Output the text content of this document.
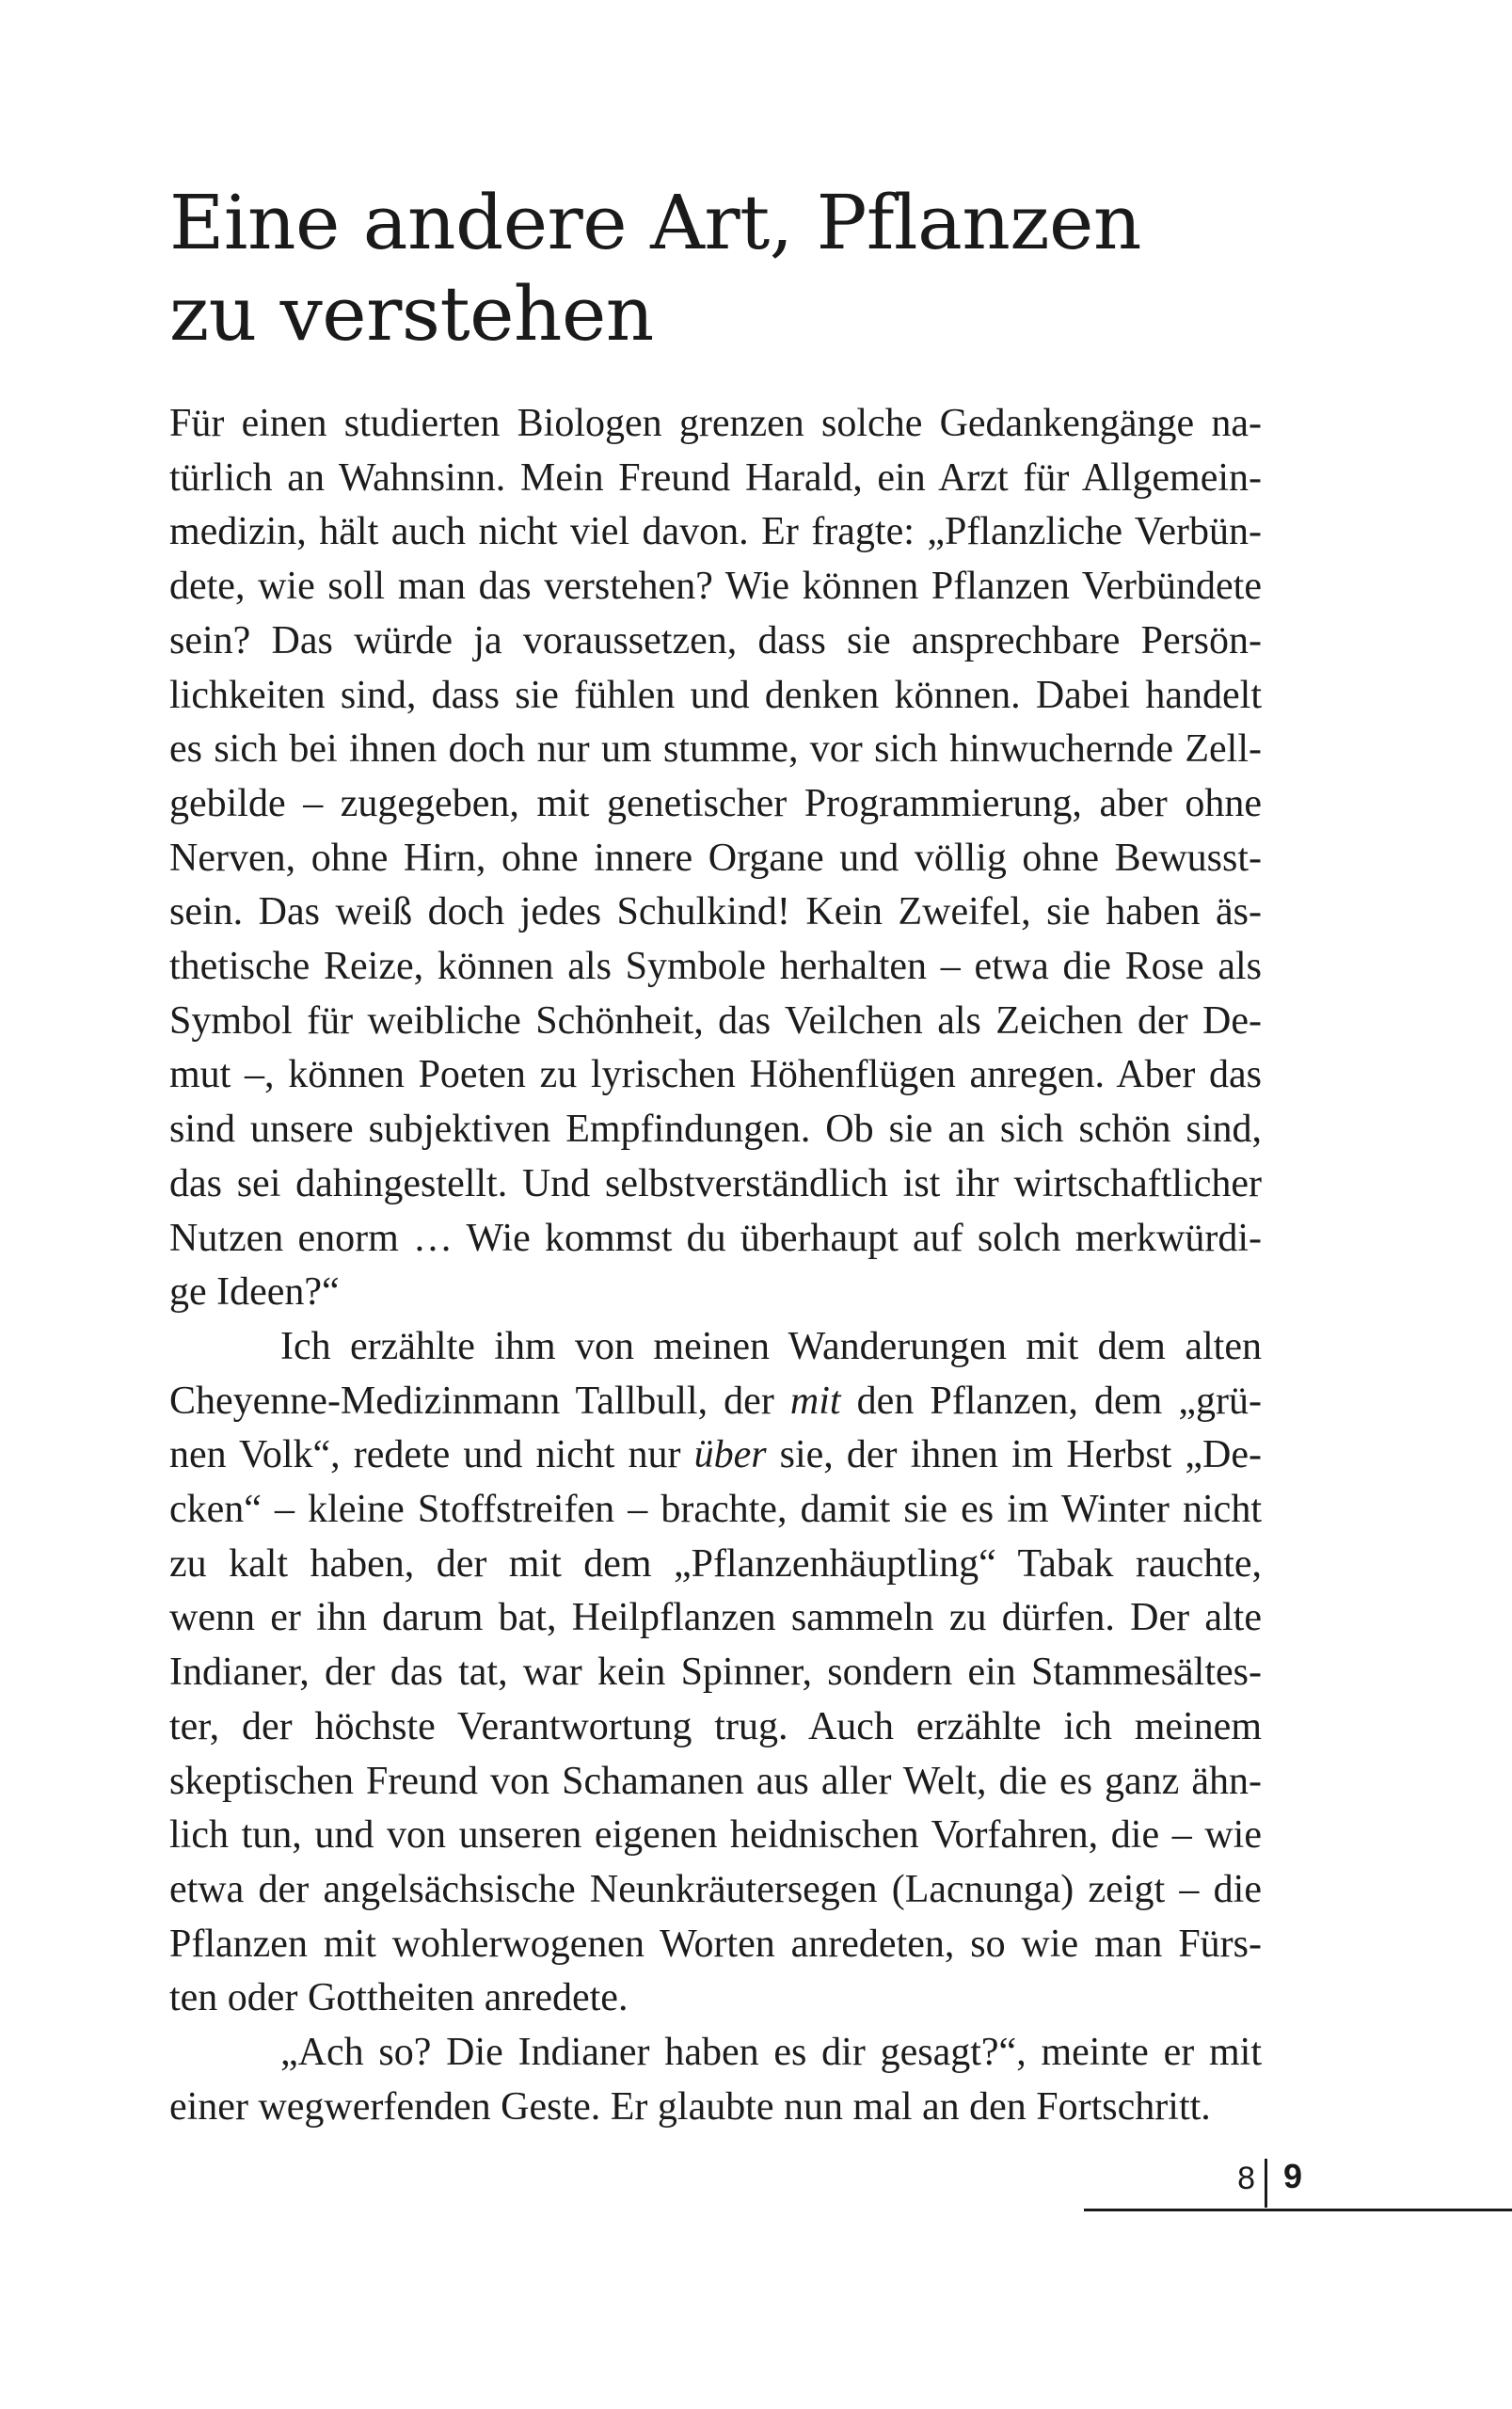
Eine andere Art, Pflanzen
zu verstehen
Für einen studierten Biologen grenzen solche Gedankengänge na-
türlich an Wahnsinn. Mein Freund Harald, ein Arzt für Allgemein-
medizin, hält auch nicht viel davon. Er fragte: „Pflanzliche Verbün-
dete, wie soll man das verstehen? Wie können Pflanzen Verbündete
sein? Das würde ja voraussetzen, dass sie ansprechbare Persön-
lichkeiten sind, dass sie fühlen und denken können. Dabei handelt
es sich bei ihnen doch nur um stumme, vor sich hinwuchernde Zell-
gebilde – zugegeben, mit genetischer Programmierung, aber ohne
Nerven, ohne Hirn, ohne innere Organe und völlig ohne Bewusst-
sein. Das weiß doch jedes Schulkind! Kein Zweifel, sie haben äs-
thetische Reize, können als Symbole herhalten – etwa die Rose als
Symbol für weibliche Schönheit, das Veilchen als Zeichen der De-
mut –, können Poeten zu lyrischen Höhenflügen anregen. Aber das
sind unsere subjektiven Empfindungen. Ob sie an sich schön sind,
das sei dahingestellt. Und selbstverständlich ist ihr wirtschaftlicher
Nutzen enorm … Wie kommst du überhaupt auf solch merkwürdi-
ge Ideen?“
Ich erzählte ihm von meinen Wanderungen mit dem alten
Cheyenne-Medizinmann Tallbull, der mit den Pflanzen, dem „grü-
nen Volk“, redete und nicht nur über sie, der ihnen im Herbst „De-
cken“ – kleine Stoffstreifen – brachte, damit sie es im Winter nicht
zu kalt haben, der mit dem „Pflanzenhäuptling“ Tabak rauchte,
wenn er ihn darum bat, Heilpflanzen sammeln zu dürfen. Der alte
Indianer, der das tat, war kein Spinner, sondern ein Stammesältes-
ter, der höchste Verantwortung trug. Auch erzählte ich meinem
skeptischen Freund von Schamanen aus aller Welt, die es ganz ähn-
lich tun, und von unseren eigenen heidnischen Vorfahren, die – wie
etwa der angelsächsische Neunkräutersegen (Lacnunga) zeigt – die
Pflanzen mit wohlerwogenen Worten anredeten, so wie man Fürs-
ten oder Gottheiten anredete.
„Ach so? Die Indianer haben es dir gesagt?“, meinte er mit
einer wegwerfenden Geste. Er glaubte nun mal an den Fortschritt.
8 9
